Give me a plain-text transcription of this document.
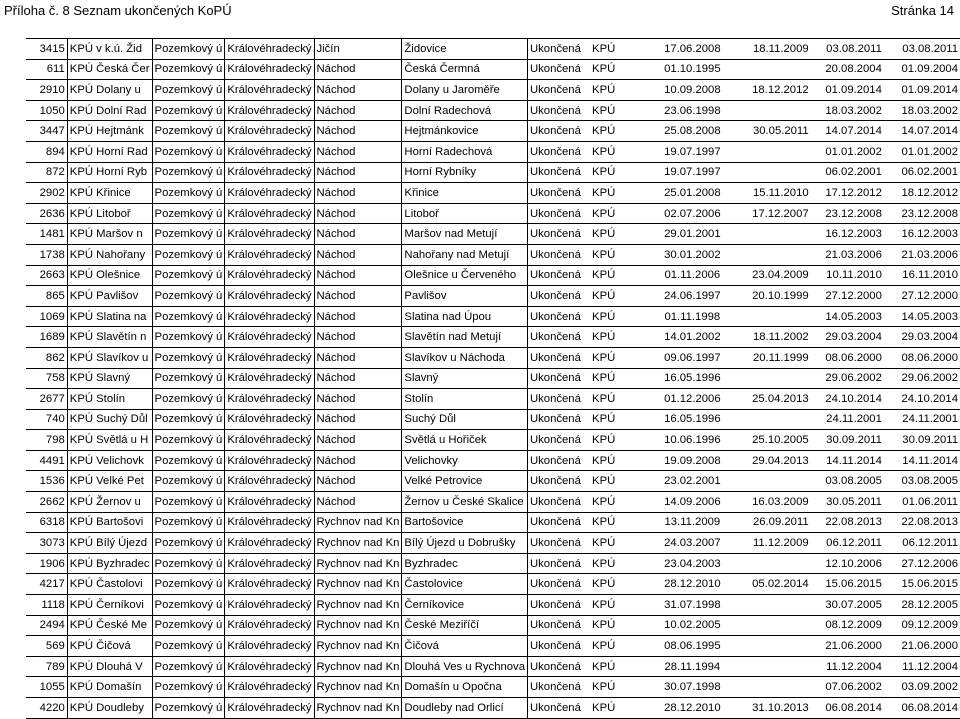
Příloha č. 8 Seznam ukončených KoPÚ	Stránka 14
3415	KPÚ v k.ú. Žid	Pozemkový ú	Královéhradecký	Jičín	Židovice	Ukončená	KPÚ	17.06.2008	18.11.2009	03.08.2011	03.08.2011
611	KPÚ Česká Čer	Pozemkový ú	Královéhradecký	Náchod	Česká Čermná	Ukončená	KPÚ	01.10.1995		20.08.2004	01.09.2004
2910	KPÚ Dolany u	Pozemkový ú	Královéhradecký	Náchod	Dolany u Jaroměře	Ukončená	KPÚ	10.09.2008	18.12.2012	01.09.2014	01.09.2014
1050	KPÚ Dolní Rad	Pozemkový ú	Královéhradecký	Náchod	Dolní Radechová	Ukončená	KPÚ	23.06.1998		18.03.2002	18.03.2002
3447	KPÚ Hejtmánk	Pozemkový ú	Královéhradecký	Náchod	Hejtmánkovice	Ukončená	KPÚ	25.08.2008	30.05.2011	14.07.2014	14.07.2014
894	KPÚ Horní Rad	Pozemkový ú	Královéhradecký	Náchod	Horní Radechová	Ukončená	KPÚ	19.07.1997		01.01.2002	01.01.2002
872	KPÚ Horní Ryb	Pozemkový ú	Královéhradecký	Náchod	Horní Rybníky	Ukončená	KPÚ	19.07.1997		06.02.2001	06.02.2001
2902	KPÚ Křinice	Pozemkový ú	Královéhradecký	Náchod	Křinice	Ukončená	KPÚ	25.01.2008	15.11.2010	17.12.2012	18.12.2012
2636	KPÚ Litoboř	Pozemkový ú	Královéhradecký	Náchod	Litoboř	Ukončená	KPÚ	02.07.2006	17.12.2007	23.12.2008	23.12.2008
1481	KPÚ Maršov n	Pozemkový ú	Královéhradecký	Náchod	Maršov nad Metují	Ukončená	KPÚ	29.01.2001		16.12.2003	16.12.2003
1738	KPÚ Nahořany	Pozemkový ú	Královéhradecký	Náchod	Nahořany nad Metují	Ukončená	KPÚ	30.01.2002		21.03.2006	21.03.2006
2663	KPÚ Olešnice	Pozemkový ú	Královéhradecký	Náchod	Olešnice u Červeného	Ukončená	KPÚ	01.11.2006	23.04.2009	10.11.2010	16.11.2010
865	KPÚ Pavlišov	Pozemkový ú	Královéhradecký	Náchod	Pavlišov	Ukončená	KPÚ	24.06.1997	20.10.1999	27.12.2000	27.12.2000
1069	KPÚ Slatina na	Pozemkový ú	Královéhradecký	Náchod	Slatina nad Úpou	Ukončená	KPÚ	01.11.1998		14.05.2003	14.05.2003
1689	KPÚ Slavětín n	Pozemkový ú	Královéhradecký	Náchod	Slavětín nad Metují	Ukončená	KPÚ	14.01.2002	18.11.2002	29.03.2004	29.03.2004
862	KPÚ Slavíkov u	Pozemkový ú	Královéhradecký	Náchod	Slavíkov u Náchoda	Ukončená	KPÚ	09.06.1997	20.11.1999	08.06.2000	08.06.2000
758	KPÚ Slavný	Pozemkový ú	Královéhradecký	Náchod	Slavný	Ukončená	KPÚ	16.05.1996		29.06.2002	29.06.2002
2677	KPÚ Stolín	Pozemkový ú	Královéhradecký	Náchod	Stolín	Ukončená	KPÚ	01.12.2006	25.04.2013	24.10.2014	24.10.2014
740	KPÚ Suchý Důl	Pozemkový ú	Královéhradecký	Náchod	Suchý Důl	Ukončená	KPÚ	16.05.1996		24.11.2001	24.11.2001
798	KPÚ Světlá u H	Pozemkový ú	Královéhradecký	Náchod	Světlá u Hořiček	Ukončená	KPÚ	10.06.1996	25.10.2005	30.09.2011	30.09.2011
4491	KPÚ Velichovk	Pozemkový ú	Královéhradecký	Náchod	Velichovky	Ukončená	KPÚ	19.09.2008	29.04.2013	14.11.2014	14.11.2014
1536	KPÚ Velké Pet	Pozemkový ú	Královéhradecký	Náchod	Velké Petrovice	Ukončená	KPÚ	23.02.2001		03.08.2005	03.08.2005
2662	KPÚ Žernov u	Pozemkový ú	Královéhradecký	Náchod	Žernov u České Skalice	Ukončená	KPÚ	14.09.2006	16.03.2009	30.05.2011	01.06.2011
6318	KPÚ Bartošovi	Pozemkový ú	Královéhradecký	Rychnov nad Kn	Bartošovice	Ukončená	KPÚ	13.11.2009	26.09.2011	22.08.2013	22.08.2013
3073	KPÚ Bílý Újezd	Pozemkový ú	Královéhradecký	Rychnov nad Kn	Bílý Újezd u Dobrušky	Ukončená	KPÚ	24.03.2007	11.12.2009	06.12.2011	06.12.2011
1906	KPÚ Byzhradec	Pozemkový ú	Královéhradecký	Rychnov nad Kn	Byzhradec	Ukončená	KPÚ	23.04.2003		12.10.2006	27.12.2006
4217	KPÚ Častolovi	Pozemkový ú	Královéhradecký	Rychnov nad Kn	Častolovice	Ukončená	KPÚ	28.12.2010	05.02.2014	15.06.2015	15.06.2015
1118	KPÚ Černíkovi	Pozemkový ú	Královéhradecký	Rychnov nad Kn	Černíkovice	Ukončená	KPÚ	31.07.1998		30.07.2005	28.12.2005
2494	KPÚ České Me	Pozemkový ú	Královéhradecký	Rychnov nad Kn	České Meziříčí	Ukončená	KPÚ	10.02.2005		08.12.2009	09.12.2009
569	KPÚ Čičová	Pozemkový ú	Královéhradecký	Rychnov nad Kn	Čičová	Ukončená	KPÚ	08.06.1995		21.06.2000	21.06.2000
789	KPÚ Dlouhá V	Pozemkový ú	Královéhradecký	Rychnov nad Kn	Dlouhá Ves u Rychnova	Ukončená	KPÚ	28.11.1994		11.12.2004	11.12.2004
1055	KPÚ Domašín	Pozemkový ú	Královéhradecký	Rychnov nad Kn	Domašín u Opočna	Ukončená	KPÚ	30.07.1998		07.06.2002	03.09.2002
4220	KPÚ Doudleby	Pozemkový ú	Královéhradecký	Rychnov nad Kn	Doudleby nad Orlicí	Ukončená	KPÚ	28.12.2010	31.10.2013	06.08.2014	06.08.2014
